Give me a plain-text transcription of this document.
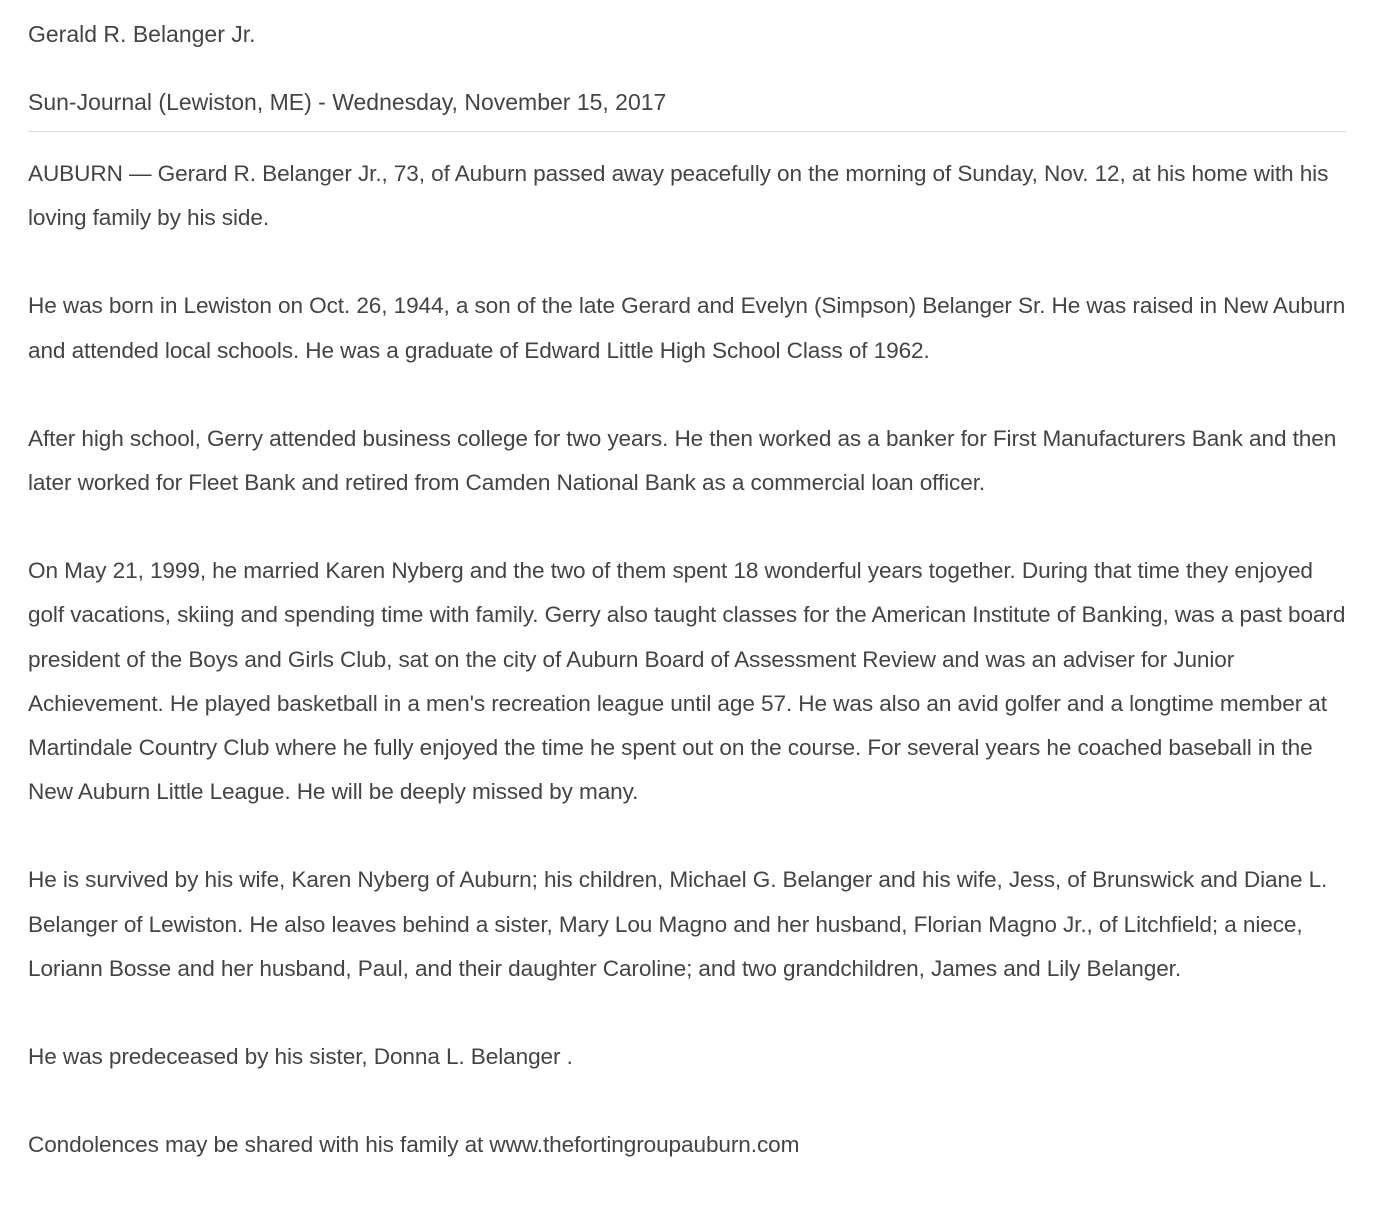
Gerald R. Belanger Jr.
Sun-Journal (Lewiston, ME) - Wednesday, November 15, 2017

AUBURN — Gerard R. Belanger Jr., 73, of Auburn passed away peacefully on the morning of Sunday, Nov. 12, at his home with his loving family by his side.

He was born in Lewiston on Oct. 26, 1944, a son of the late Gerard and Evelyn (Simpson) Belanger Sr. He was raised in New Auburn and attended local schools. He was a graduate of Edward Little High School Class of 1962.

After high school, Gerry attended business college for two years. He then worked as a banker for First Manufacturers Bank and then later worked for Fleet Bank and retired from Camden National Bank as a commercial loan officer.

On May 21, 1999, he married Karen Nyberg and the two of them spent 18 wonderful years together. During that time they enjoyed golf vacations, skiing and spending time with family. Gerry also taught classes for the American Institute of Banking, was a past board president of the Boys and Girls Club, sat on the city of Auburn Board of Assessment Review and was an adviser for Junior Achievement. He played basketball in a men's recreation league until age 57. He was also an avid golfer and a longtime member at Martindale Country Club where he fully enjoyed the time he spent out on the course. For several years he coached baseball in the New Auburn Little League. He will be deeply missed by many.

He is survived by his wife, Karen Nyberg of Auburn; his children, Michael G. Belanger and his wife, Jess, of Brunswick and Diane L. Belanger of Lewiston. He also leaves behind a sister, Mary Lou Magno and her husband, Florian Magno Jr., of Litchfield; a niece, Loriann Bosse and her husband, Paul, and their daughter Caroline; and two grandchildren, James and Lily Belanger.

He was predeceased by his sister, Donna L. Belanger .

Condolences may be shared with his family at www.thefortingroupauburn.com
